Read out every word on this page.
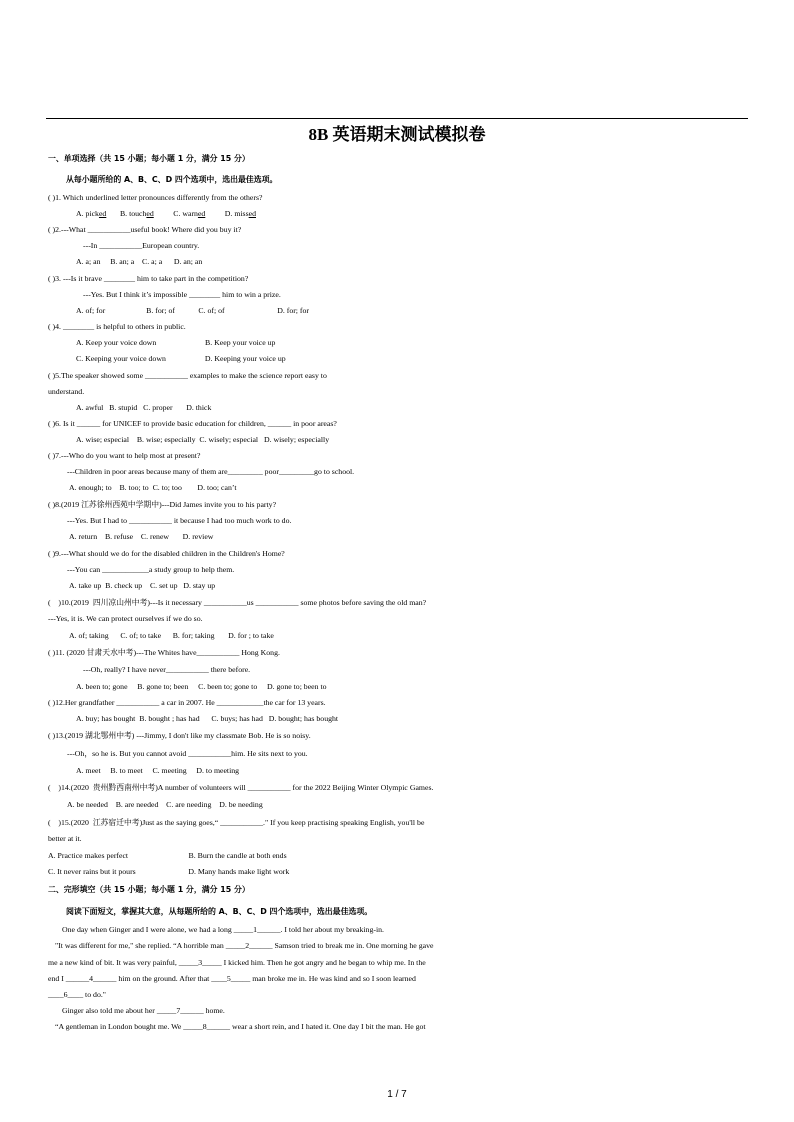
8B 英语期末测试模拟卷
一、单项选择（共 15 小题；每小题 1 分，满分 15 分）
从每小题所给的 A、B、C、D 四个选项中，选出最佳选项。
( )1. Which underlined letter pronounces differently from the others?
A. picked B. touched	C. warned	D. missed
( )2.---What ___________useful book! Where did you buy it?
---In ___________European country.
A. a; an     B. an; a    C. a; a      D. an; an
( )3. ---Is it brave ________ him to take part in the competition?
---Yes. But I think it’s impossible ________ him to win a prize.
A. of; for                     B. for; of            C. of; of                           D. for; for
( )4. ________ is helpful to others in public.
A. Keep your voice down                         B. Keep your voice up
C. Keeping your voice down                    D. Keeping your voice up
( )5.The speaker showed some ___________ examples to make the science report easy to
understand.
A. awful   B. stupid   C. proper       D. thick
( )6. Is it ______ for UNICEF to provide basic education for children, ______ in poor areas?
A. wise; especial    B. wise; especially  C. wisely; especial   D. wisely; especially
( )7.---Who do you want to help most at present?
---Children in poor areas because many of them are_________ poor_________go to school.
A. enough; to    B. too; to  C. to; too        D. too; can’t
( )8.(2019 江苏徐州西苑中学期中)---Did James invite you to his party?
---Yes. But I had to ___________ it because I had too much work to do.
A. return    B. refuse    C. renew       D. review
( )9.---What should we do for the disabled children in the Children's Home?
---You can ____________a study group to help them.
A. take up  B. check up    C. set up   D. stay up
(    )10.(2019  四川凉山州中考)---Is it necessary ___________us ___________ some photos before saving the old man?
---Yes, it is. We can protect ourselves if we do so.
A. of; taking      C. of; to take      B. for; taking       D. for ; to take
( )11. (2020 甘肃天水中考)---The Whites have___________ Hong Kong.
---Oh, really? I have never___________ there before.
A. been to; gone     B. gone to; been     C. been to; gone to     D. gone to; been to
( )12.Her grandfather ___________ a car in 2007. He ____________the car for 13 years.
A. buy; has bought  B. bought ; has had      C. buys; has had   D. bought; has bought
( )13.(2019 湖北鄂州中考) ---Jimmy, I don't like my classmate Bob. He is so noisy.
---Oh，so he is. But you cannot avoid ___________him. He sits next to you.
A. meet     B. to meet     C. meeting     D. to meeting
(    )14.(2020  贵州黔西南州中考)A number of volunteers will ___________ for the 2022 Beijing Winter Olympic Games.
A. be needed    B. are needed    C. are needing    D. be needing
(    )15.(2020  江苏宿迁中考)Just as the saying goes,“ ___________." If you keep practising speaking English, you'll be
better at it.
A. Practice makes perfect                               B. Burn the candle at both ends
C. It never rains but it pours                           D. Many hands make light work
二、完形填空（共 15 小题；每小题 1 分，满分 15 分）
阅读下面短文，掌握其大意，从每题所给的 A、B、C、D 四个选项中，选出最佳选项。
One day when Ginger and I were alone, we had a long _____1______. I told her about my breaking-in.
"It was different for me," she replied. “A horrible man _____2______ Samson tried to break me in. One morning he gave
me a new kind of bit. It was very painful, _____3_____ I kicked him. Then he got angry and he began to whip me. In the
end I ______4______ him on the ground. After that ____5_____ man broke me in. He was kind and so I soon learned
____6____ to do."
Ginger also told me about her _____7______ home.
“A gentleman in London bought me. We _____8______ wear a short rein, and I hated it. One day I bit the man. He got
1 / 7
